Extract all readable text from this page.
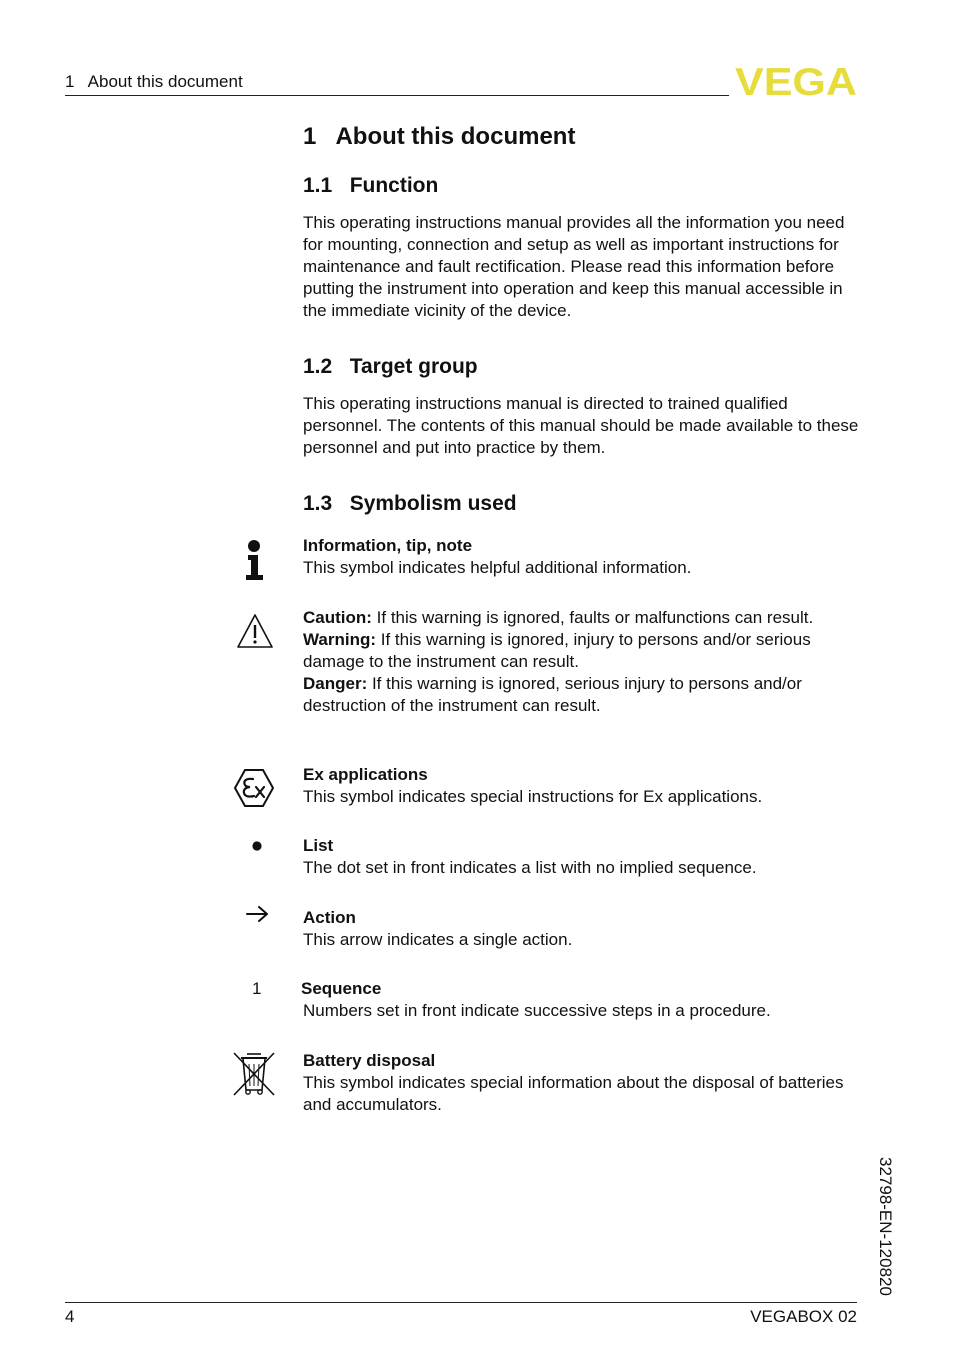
1   About this document	VEGA
1   About this document
1.1   Function
This operating instructions manual provides all the information you need for mounting, connection and setup as well as important instructions for maintenance and fault rectification. Please read this information before putting the instrument into operation and keep this manual accessible in the immediate vicinity of the device.
1.2   Target group
This operating instructions manual is directed to trained qualified personnel. The contents of this manual should be made available to these personnel and put into practice by them.
1.3   Symbolism used
Information, tip, note
This symbol indicates helpful additional information.
Caution: If this warning is ignored, faults or malfunctions can result.
Warning: If this warning is ignored, injury to persons and/or serious damage to the instrument can result.
Danger: If this warning is ignored, serious injury to persons and/or destruction of the instrument can result.
Ex applications
This symbol indicates special instructions for Ex applications.
List
The dot set in front indicates a list with no implied sequence.
Action
This arrow indicates a single action.
1 Sequence
Numbers set in front indicate successive steps in a procedure.
Battery disposal
This symbol indicates special information about the disposal of batteries and accumulators.
32798-EN-120820
4	VEGABOX 02
